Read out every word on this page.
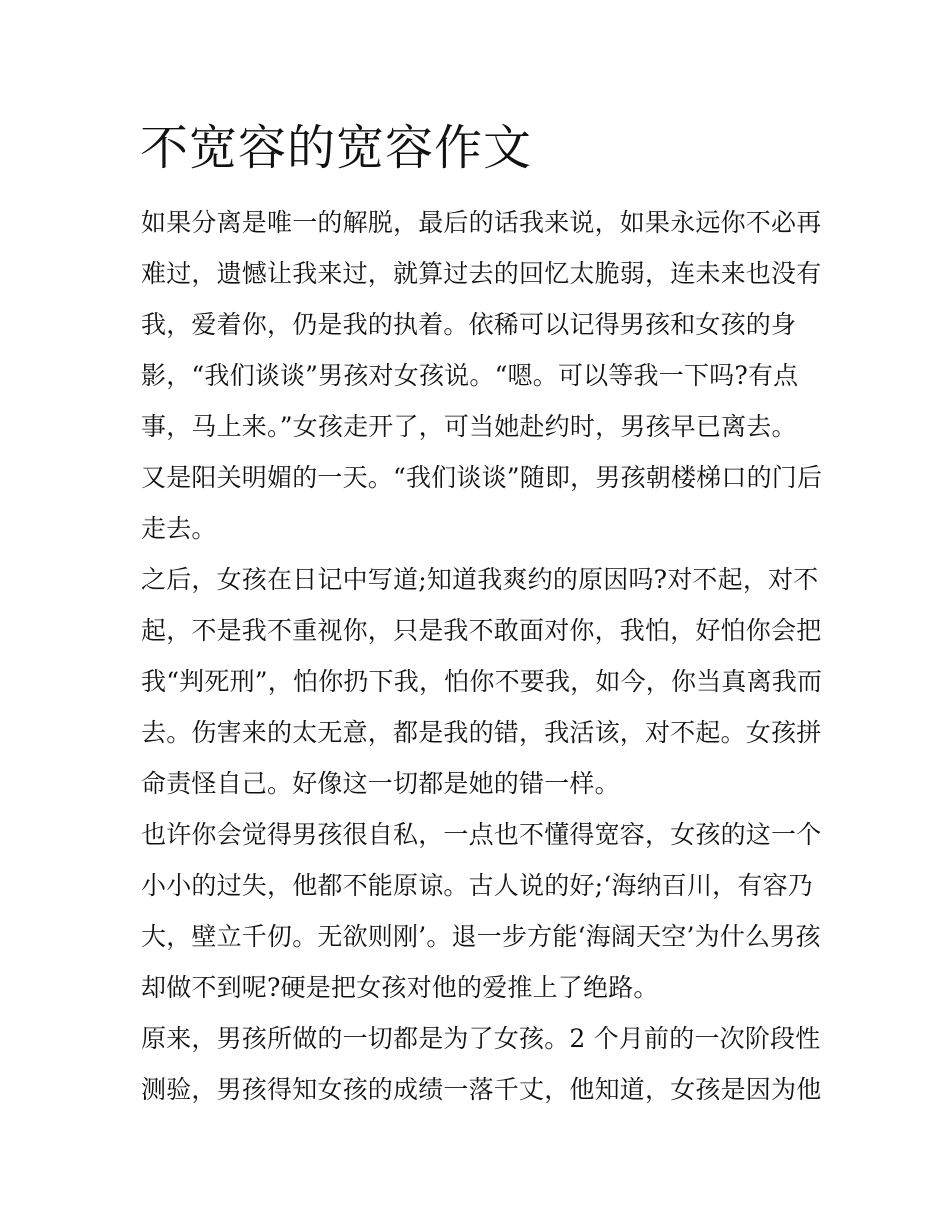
不宽容的宽容作文
如果分离是唯一的解脱，最后的话我来说，如果永远你不必再
难过，遗憾让我来过，就算过去的回忆太脆弱，连未来也没有
我，爱着你，仍是我的执着。依稀可以记得男孩和女孩的身
影，“我们谈谈”男孩对女孩说。“嗯。可以等我一下吗?有点
事，马上来。”女孩走开了，可当她赴约时，男孩早已离去。
又是阳关明媚的一天。“我们谈谈”随即，男孩朝楼梯口的门后
走去。
之后，女孩在日记中写道;知道我爽约的原因吗?对不起，对不
起，不是我不重视你，只是我不敢面对你，我怕，好怕你会把
我“判死刑”，怕你扔下我，怕你不要我，如今，你当真离我而
去。伤害来的太无意，都是我的错，我活该，对不起。女孩拼
命责怪自己。好像这一切都是她的错一样。
也许你会觉得男孩很自私，一点也不懂得宽容，女孩的这一个
小小的过失，他都不能原谅。古人说的好;‘海纳百川，有容乃
大，壁立千仞。无欲则刚’。退一步方能‘海阔天空’为什么男孩
却做不到呢?硬是把女孩对他的爱推上了绝路。
原来，男孩所做的一切都是为了女孩。2 个月前的一次阶段性
测验，男孩得知女孩的成绩一落千丈，他知道，女孩是因为他
